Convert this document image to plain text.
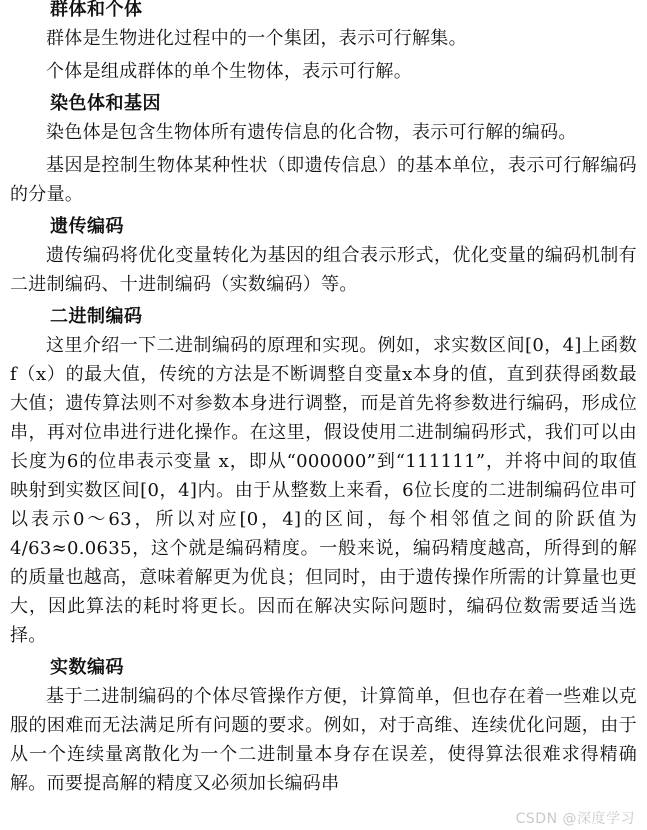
群体和个体

群体是生物进化过程中的一个集团，表示可行解集。

个体是组成群体的单个生物体，表示可行解。

染色体和基因

染色体是包含生物体所有遗传信息的化合物，表示可行解的编码。

基因是控制生物体某种性状（即遗传信息）的基本单位，表示可行解编码的分量。

遗传编码

遗传编码将优化变量转化为基因的组合表示形式，优化变量的编码机制有二进制编码、十进制编码（实数编码）等。

二进制编码

这里介绍一下二进制编码的原理和实现。例如，求实数区间[0，4]上函数f（x）的最大值，传统的方法是不断调整自变量x本身的值，直到获得函数最大值；遗传算法则不对参数本身进行调整，而是首先将参数进行编码，形成位串，再对位串进行进化操作。在这里，假设使用二进制编码形式，我们可以由长度为6的位串表示变量 x，即从“000000”到“111111”，并将中间的取值映射到实数区间[0，4]内。由于从整数上来看，6位长度的二进制编码位串可以表示0～63，所以对应[0，4]的区间，每个相邻值之间的阶跃值为4/63≈0.0635，这个就是编码精度。一般来说，编码精度越高，所得到的解的质量也越高，意味着解更为优良；但同时，由于遗传操作所需的计算量也更大，因此算法的耗时将更长。因而在解决实际问题时，编码位数需要适当选择。

实数编码

基于二进制编码的个体尽管操作方便，计算简单，但也存在着一些难以克服的困难而无法满足所有问题的要求。例如，对于高维、连续优化问题，由于从一个连续量离散化为一个二进制量本身存在误差，使得算法很难求得精确解。而要提高解的精度又必须加长编码串

CSDN @深度学习
